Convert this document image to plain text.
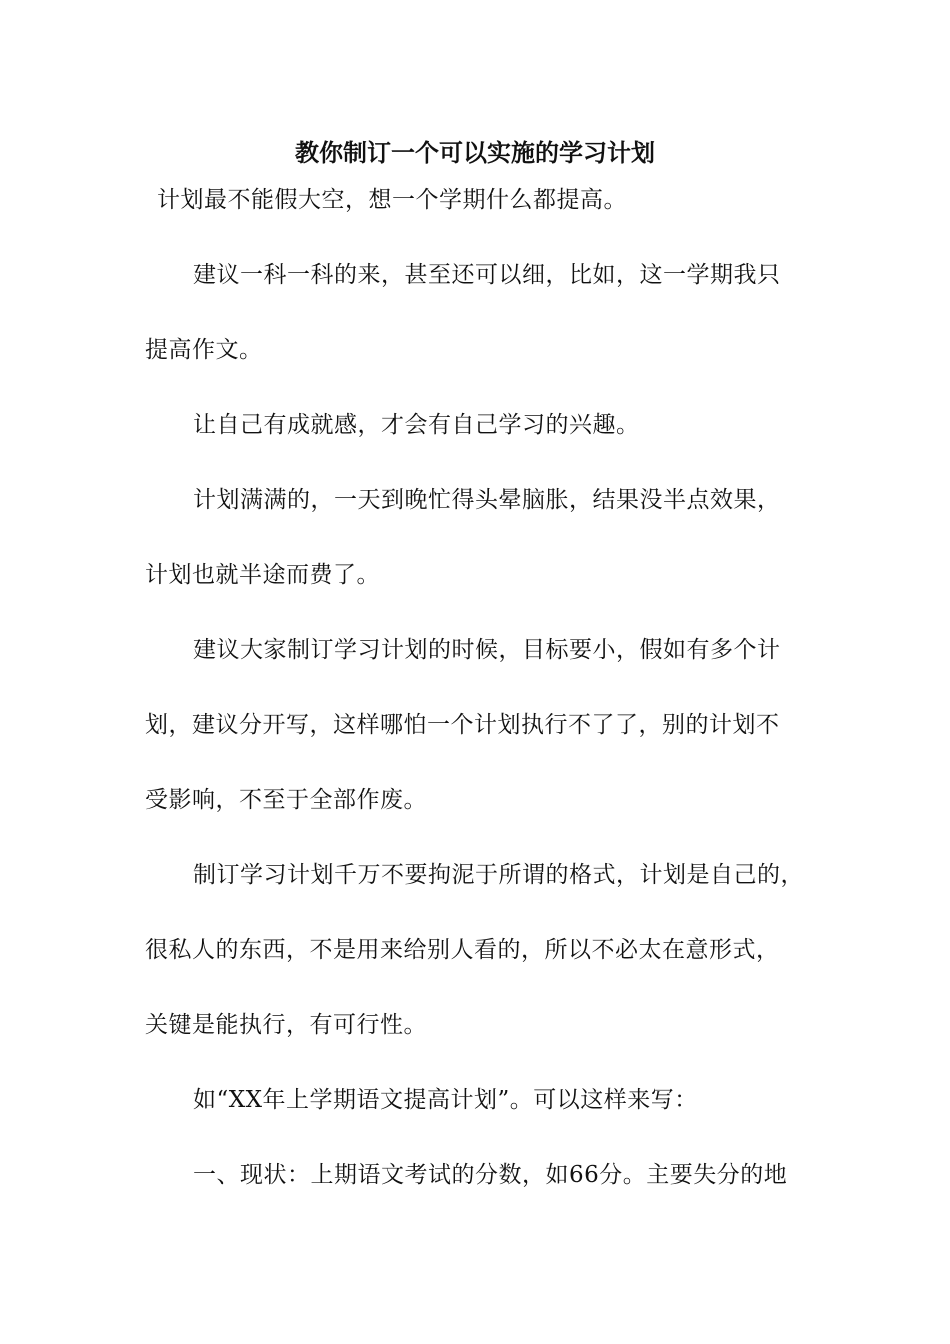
教你制订一个可以实施的学习计划
计划最不能假大空，想一个学期什么都提高。
建议一科一科的来，甚至还可以细，比如，这一学期我只
提高作文。
让自己有成就感，才会有自己学习的兴趣。
计划满满的，一天到晚忙得头晕脑胀，结果没半点效果，
计划也就半途而费了。
建议大家制订学习计划的时候，目标要小，假如有多个计
划，建议分开写，这样哪怕一个计划执行不了了，别的计划不
受影响，不至于全部作废。
制订学习计划千万不要拘泥于所谓的格式，计划是自己的，
很私人的东西，不是用来给别人看的，所以不必太在意形式，
关键是能执行，有可行性。
如“XX年上学期语文提高计划”。可以这样来写：
一、现状：上期语文考试的分数，如66分。主要失分的地
